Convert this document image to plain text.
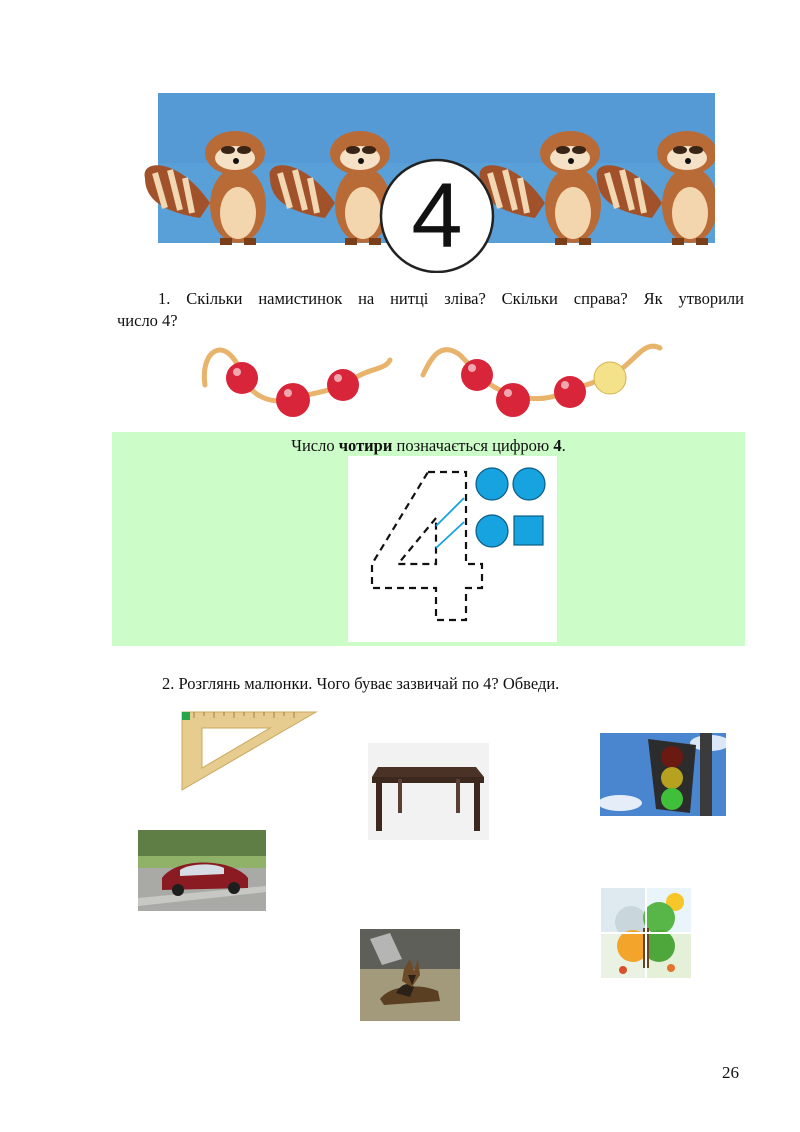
4
1. Скільки намистинок на нитці зліва? Скільки справа? Як утворили
число 4?
Число чотири позначається цифрою 4.
2. Розглянь малюнки. Чого буває зазвичай по 4? Обведи.
26
